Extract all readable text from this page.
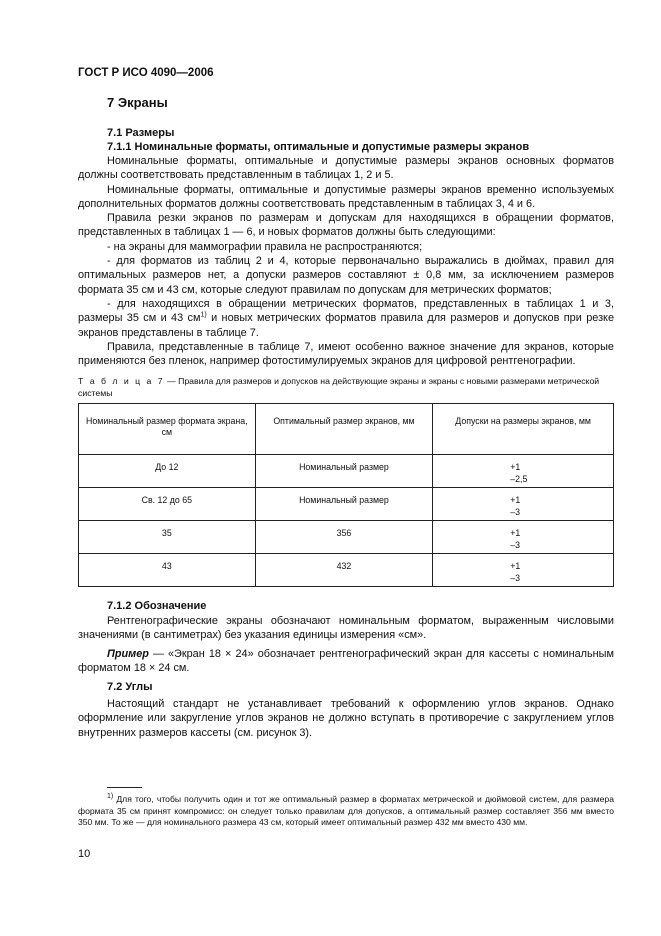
ГОСТ Р ИСО 4090—2006
7 Экраны
7.1 Размеры
7.1.1 Номинальные форматы, оптимальные и допустимые размеры экранов

Номинальные форматы, оптимальные и допустимые размеры экранов основных форматов должны соответствовать представленным в таблицах 1, 2 и 5.

Номинальные форматы, оптимальные и допустимые размеры экранов временно используемых дополнительных форматов должны соответствовать представленным в таблицах 3, 4 и 6.

Правила резки экранов по размерам и допускам для находящихся в обращении форматов, представленных в таблицах 1 — 6, и новых форматов должны быть следующими:

- на экраны для маммографии правила не распространяются;

- для форматов из таблиц 2 и 4, которые первоначально выражались в дюймах, правил для оптимальных размеров нет, а допуски размеров составляют ± 0,8 мм, за исключением размеров формата 35 см и 43 см, которые следуют правилам по допускам для метрических форматов;

- для находящихся в обращении метрических форматов, представленных в таблицах 1 и 3, размеры 35 см и 43 $см^{1)}$ и новых метрических форматов правила для размеров и допусков при резке экранов представлены в таблице 7.

Правила, представленные в таблице 7, имеют особенно важное значение для экранов, которые применяются без пленок, например фотостимулируемых экранов для цифровой рентгенографии.

Т а б л и ц а 7 — Правила для размеров и допусков на действующие экраны и экраны с новыми размерами метрической системы
Номинальный размер формата экрана, см	Оптимальный размер экранов, мм	Допуски на размеры экранов, мм
До 12	Номинальный размер	+1
–2,5

Св. 12 до 65	Номинальный размер	+1
–3

35	356	+1
–3

43	432	+1
–3
7.1.2 Обозначение

Рентгенографические экраны обозначают номинальным форматом, выраженным числовыми значениями (в сантиметрах) без указания единицы измерения «см».

Пример — «Экран 18 × 24» обозначает рентгенографический экран для кассеты с номинальным форматом 18 × 24 см.

7.2 Углы

Настоящий стандарт не устанавливает требований к оформлению углов экранов. Однако оформление или закругление углов экранов не должно вступать в противоречие с закруглением углов внутренних размеров кассеты (см. рисунок 3).

$^{1)}$ Для того, чтобы получить один и тот же оптимальный размер в форматах метрической и дюймовой систем, для размера формата 35 см принят компромисс: он следует только правилам для допусков, а оптимальный размер составляет 356 мм вместо 350 мм. То же — для номинального размера 43 см, который имеет оптимальный размер 432 мм вместо 430 мм.

10
